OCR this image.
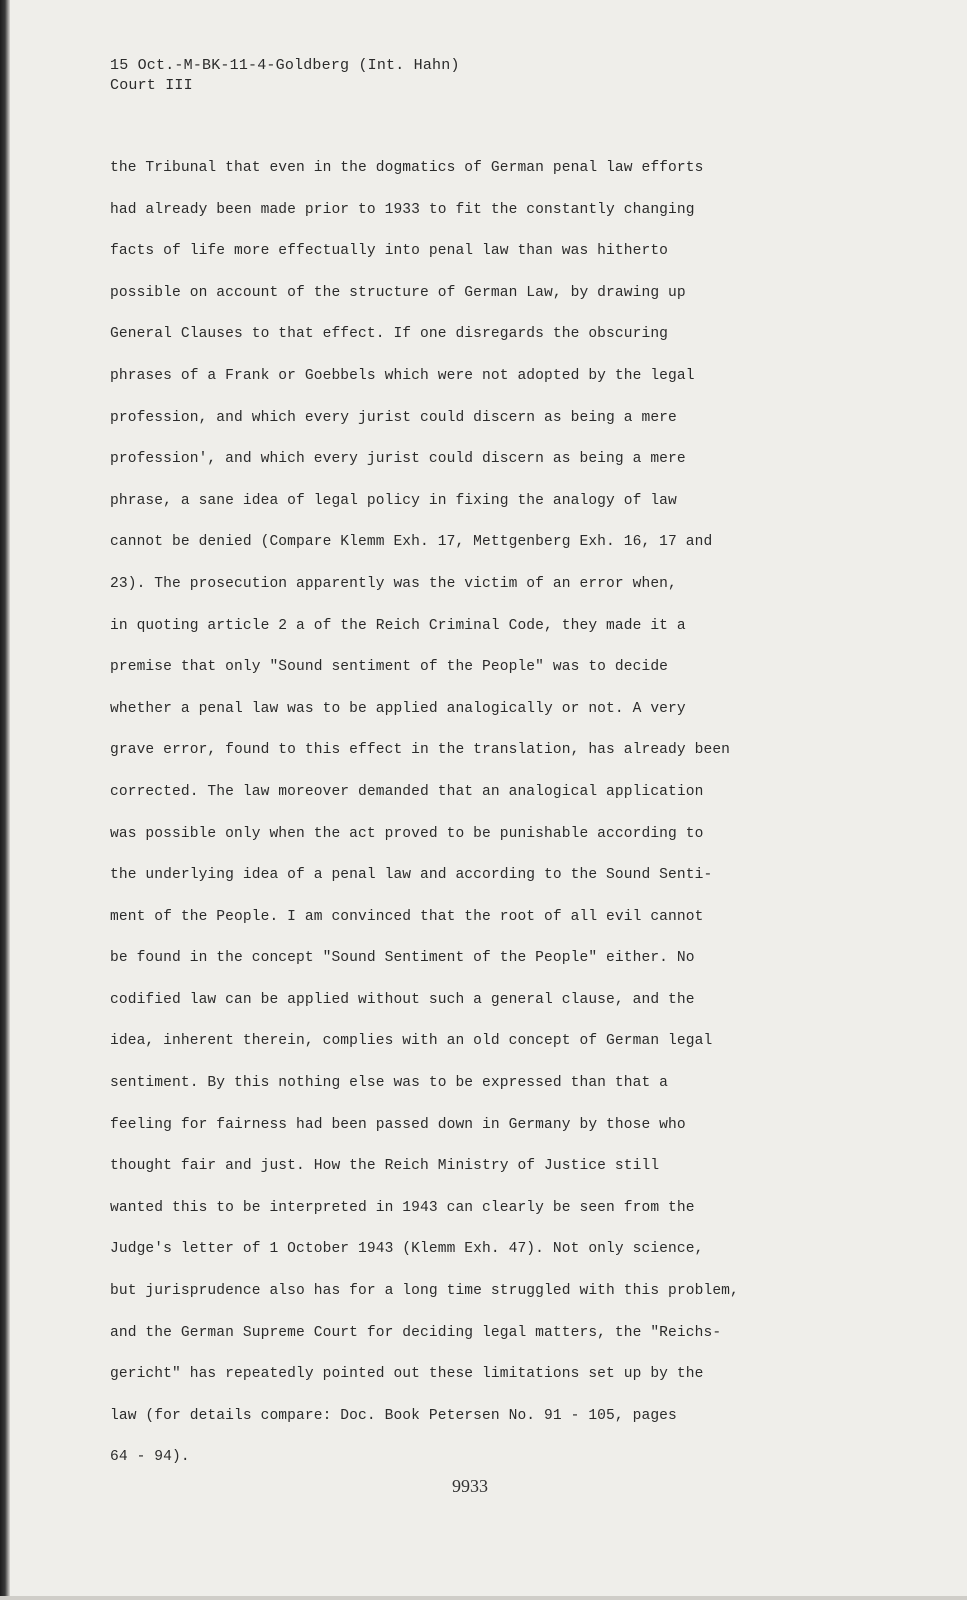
15 Oct.-M-BK-11-4-Goldberg (Int. Hahn)
Court III
the Tribunal that even in the dogmatics of German penal law efforts
had already been made prior to 1933 to fit the constantly changing
facts of life more effectually into penal law than was hitherto
possible on account of the structure of German Law, by drawing up
General Clauses to that effect. If one disregards the obscuring
phrases of a Frank or Goebbels which were not adopted by the legal
profession, and which every jurist could discern as being a mere
profession', and which every jurist could discern as being a mere
phrase, a sane idea of legal policy in fixing the analogy of law
cannot be denied (Compare Klemm Exh. 17, Mettgenberg Exh. 16, 17 and
23). The prosecution apparently was the victim of an error when,
in quoting article 2 a of the Reich Criminal Code, they made it a
premise that only "Sound sentiment of the People" was to decide
whether a penal law was to be applied analogically or not. A very
grave error, found to this effect in the translation, has already been
corrected. The law moreover demanded that an analogical application
was possible only when the act proved to be punishable according to
the underlying idea of a penal law and according to the Sound Senti-
ment of the People. I am convinced that the root of all evil cannot
be found in the concept "Sound Sentiment of the People" either. No
codified law can be applied without such a general clause, and the
idea, inherent therein, complies with an old concept of German legal
sentiment. By this nothing else was to be expressed than that a
feeling for fairness had been passed down in Germany by those who
thought fair and just. How the Reich Ministry of Justice still
wanted this to be interpreted in 1943 can clearly be seen from the
Judge's letter of 1 October 1943 (Klemm Exh. 47). Not only science,
but jurisprudence also has for a long time struggled with this problem,
and the German Supreme Court for deciding legal matters, the "Reichs-
gericht" has repeatedly pointed out these limitations set up by the
law (for details compare: Doc. Book Petersen No. 91 - 105, pages
64 - 94).
9933
